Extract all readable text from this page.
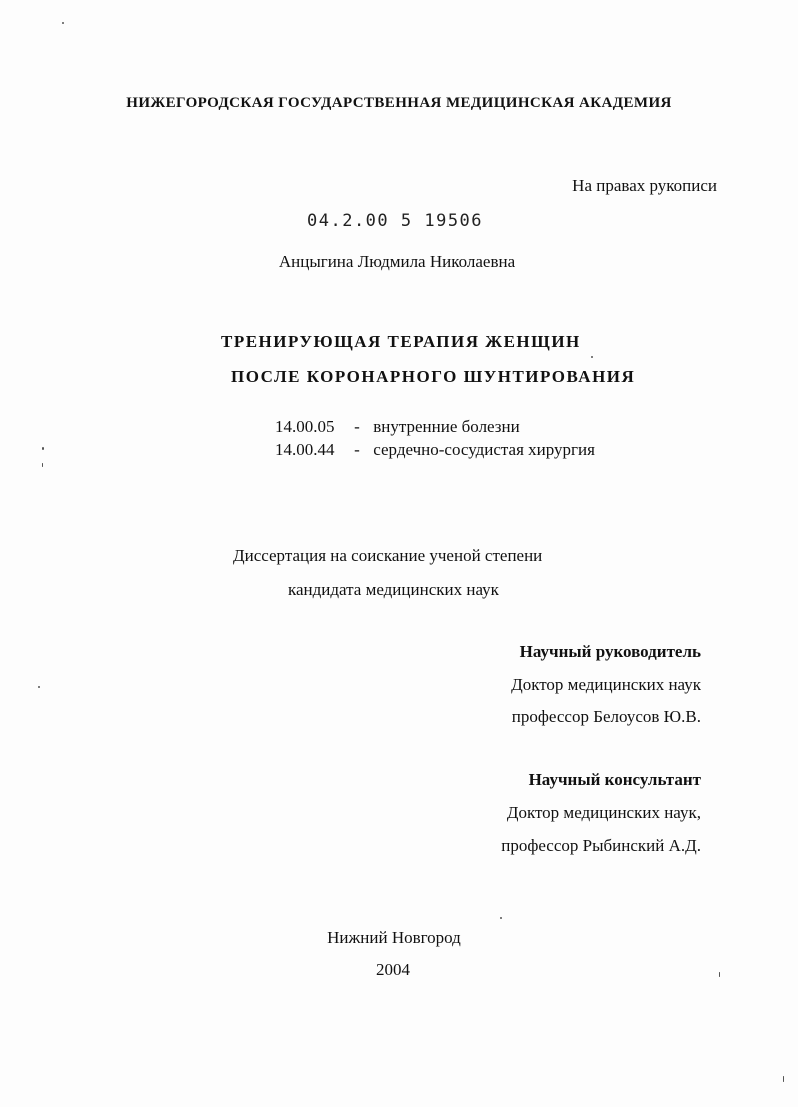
НИЖЕГОРОДСКАЯ ГОСУДАРСТВЕННАЯ МЕДИЦИНСКАЯ АКАДЕМИЯ
На правах рукописи
04.2.00 5 19506
Анцыгина Людмила Николаевна
ТРЕНИРУЮЩАЯ ТЕРАПИЯ ЖЕНЩИН
ПОСЛЕ КОРОНАРНОГО ШУНТИРОВАНИЯ
14.00.05 - внутренние болезни
14.00.44 - сердечно-сосудистая хирургия
Диссертация на соискание ученой степени
кандидата медицинских наук
Научный руководитель
Доктор медицинских наук
профессор Белоусов Ю.В.
Научный консультант
Доктор медицинских наук,
профессор Рыбинский А.Д.
Нижний Новгород
2004
